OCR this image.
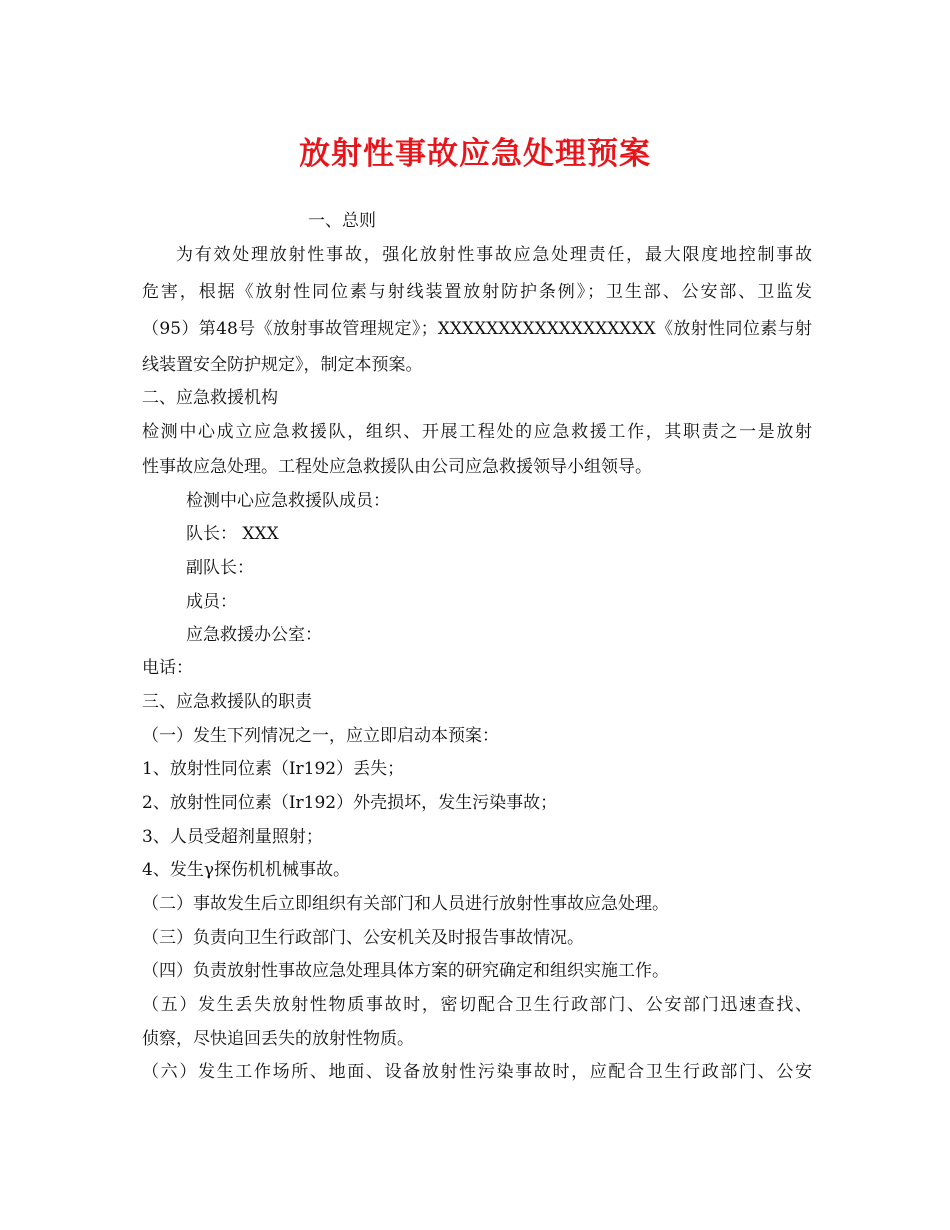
放射性事故应急处理预案
一、总则
为有效处理放射性事故，强化放射性事故应急处理责任，最大限度地控制事故
危害，根据《放射性同位素与射线装置放射防护条例》；卫生部、公安部、卫监发
（95）第48号《放射事故管理规定》；XXXXXXXXXXXXXXXXXX《放射性同位素与射
线装置安全防护规定》，制定本预案。
二、应急救援机构
检测中心成立应急救援队，组织、开展工程处的应急救援工作，其职责之一是放射
性事故应急处理。工程处应急救援队由公司应急救援领导小组领导。
检测中心应急救援队成员：
队长： XXX
副队长：
成员：
应急救援办公室：
电话：
三、应急救援队的职责
（一）发生下列情况之一，应立即启动本预案：
1、放射性同位素（Ir192）丢失；
2、放射性同位素（Ir192）外壳损坏，发生污染事故；
3、人员受超剂量照射；
4、发生γ探伤机机械事故。
（二）事故发生后立即组织有关部门和人员进行放射性事故应急处理。
（三）负责向卫生行政部门、公安机关及时报告事故情况。
（四）负责放射性事故应急处理具体方案的研究确定和组织实施工作。
（五）发生丢失放射性物质事故时，密切配合卫生行政部门、公安部门迅速查找、
侦察，尽快追回丢失的放射性物质。
（六）发生工作场所、地面、设备放射性污染事故时，应配合卫生行政部门、公安
